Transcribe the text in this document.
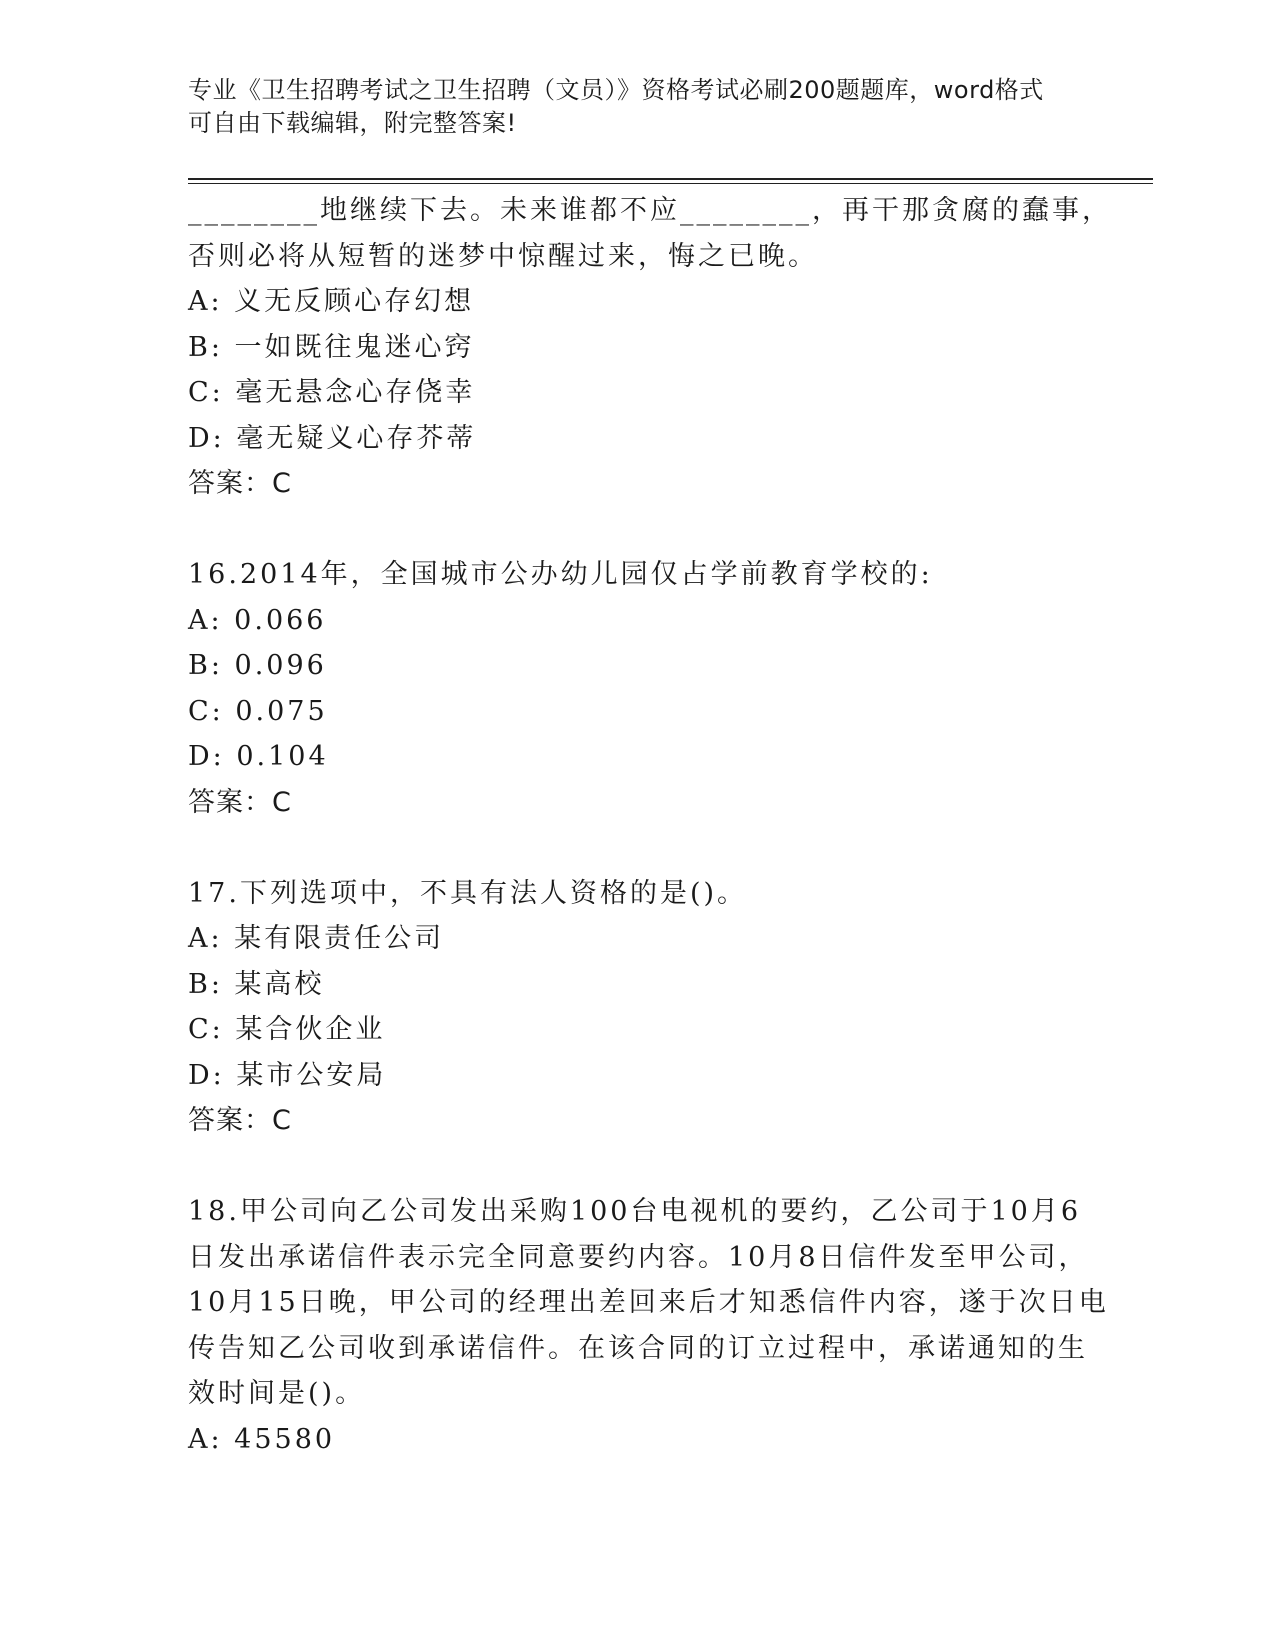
专业《卫生招聘考试之卫生招聘（文员）》资格考试必刷200题题库，word格式
可自由下载编辑，附完整答案!
________地继续下去。未来谁都不应________，再干那贪腐的蠢事，
否则必将从短暂的迷梦中惊醒过来，悔之已晚。
A: 义无反顾心存幻想
B: 一如既往鬼迷心窍
C: 毫无悬念心存侥幸
D: 毫无疑义心存芥蒂
答案：C
16.2014年，全国城市公办幼儿园仅占学前教育学校的:
A: 0.066
B: 0.096
C: 0.075
D: 0.104
答案：C
17.下列选项中，不具有法人资格的是()。
A: 某有限责任公司
B: 某高校
C: 某合伙企业
D: 某市公安局
答案：C
18.甲公司向乙公司发出采购100台电视机的要约，乙公司于10月6
日发出承诺信件表示完全同意要约内容。10月8日信件发至甲公司，
10月15日晚，甲公司的经理出差回来后才知悉信件内容，遂于次日电
传告知乙公司收到承诺信件。在该合同的订立过程中，承诺通知的生
效时间是()。
A: 45580
